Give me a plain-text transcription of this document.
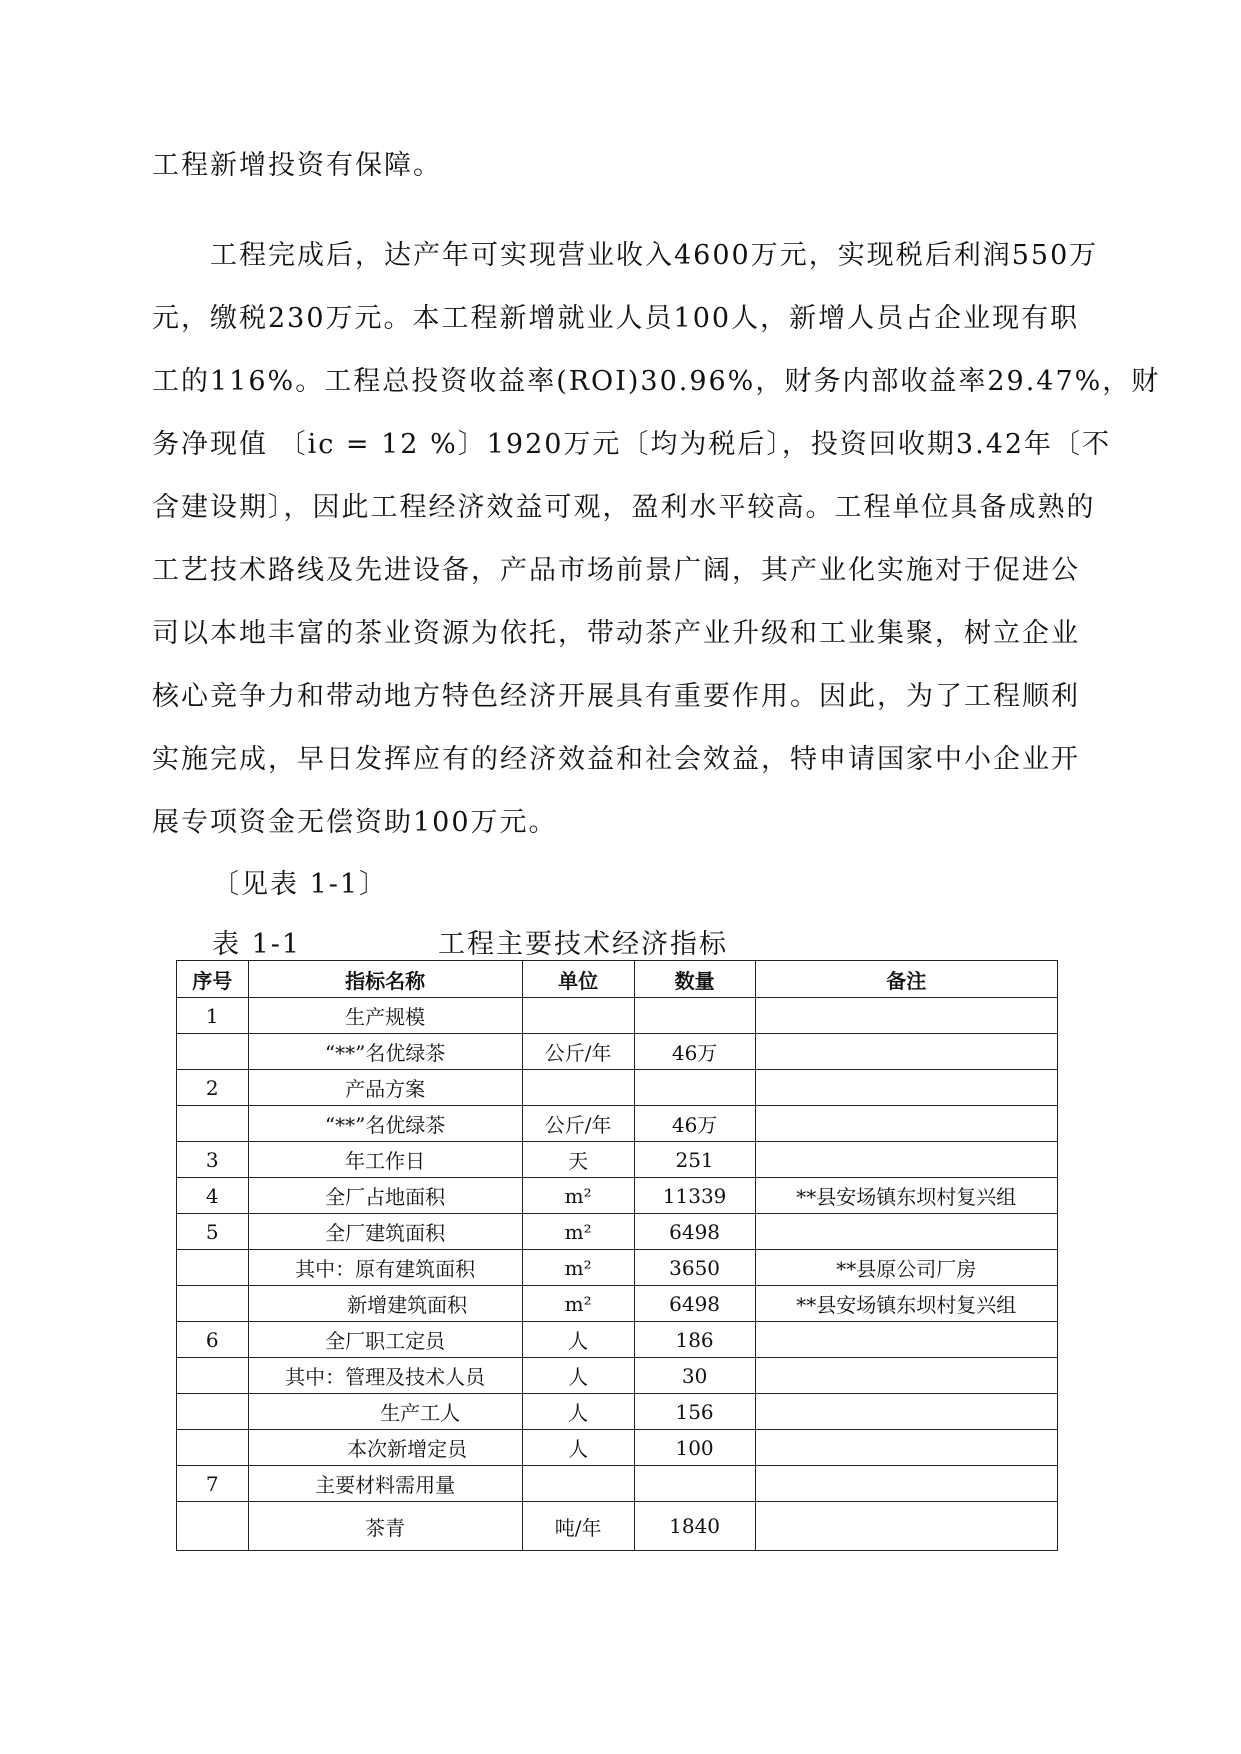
工程新增投资有保障。
　　工程完成后，达产年可实现营业收入4600万元，实现税后利润550万
元，缴税230万元。本工程新增就业人员100人，新增人员占企业现有职
工的116%。工程总投资收益率(ROI)30.96%，财务内部收益率29.47%，财
务净现值 〔ic = 12 %〕1920万元〔均为税后〕，投资回收期3.42年〔不
含建设期〕，因此工程经济效益可观，盈利水平较高。工程单位具备成熟的
工艺技术路线及先进设备，产品市场前景广阔，其产业化实施对于促进公
司以本地丰富的茶业资源为依托，带动茶产业升级和工业集聚，树立企业
核心竞争力和带动地方特色经济开展具有重要作用。因此，为了工程顺利
实施完成，早日发挥应有的经济效益和社会效益，特申请国家中小企业开
展专项资金无偿资助100万元。
〔见表 1-1〕
表 1-1	工程主要技术经济指标
序号	指标名称	单位	数量	备注
1	生产规模			
	“**”名优绿茶	公斤/年	46万	
2	产品方案			
	“**”名优绿茶	公斤/年	46万	
3	年工作日	天	251	
4	全厂占地面积	m²	11339	**县安场镇东坝村复兴组
5	全厂建筑面积	m²	6498	
	其中：原有建筑面积	m²	3650	**县原公司厂房
	新增建筑面积	m²	6498	**县安场镇东坝村复兴组
6	全厂职工定员	人	186	
	其中：管理及技术人员	人	30	
	生产工人	人	156	
	本次新增定员	人	100	
7	主要材料需用量			
	茶青	吨/年	1840	
